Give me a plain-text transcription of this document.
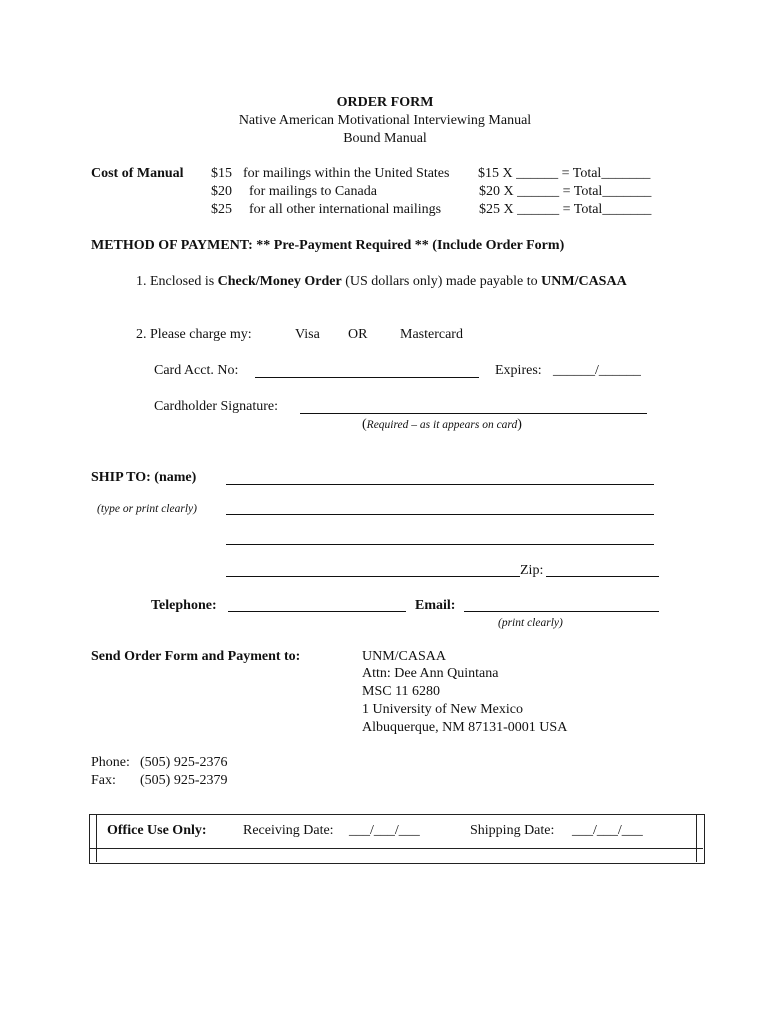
ORDER FORM
Native American Motivational Interviewing Manual
Bound Manual
Cost of Manual $15 for mailings within the United States $15 X ______ = Total_______
$20 for mailings to Canada	$20 X ______ = Total_______
$25 for all other international mailings	$25 X ______ = Total_______
METHOD OF PAYMENT: ** Pre-Payment Required ** (Include Order Form)
1. Enclosed is Check/Money Order (US dollars only) made payable to UNM/CASAA
2. Please charge my:	Visa OR Mastercard
Card Acct. No:	Expires: ______/______
Cardholder Signature:
(Required – as it appears on card)
SHIP TO: (name)
(type or print clearly)
Zip:
Telephone:	Email:
(print clearly)
Send Order Form and Payment to:	UNM/CASAA
Attn: Dee Ann Quintana
MSC 11 6280
1 University of New Mexico
Albuquerque, NM 87131-0001 USA
Phone: (505) 925-2376
Fax: (505) 925-2379
Office Use Only:	Receiving Date: ___/___/___	Shipping Date: ___/___/___
